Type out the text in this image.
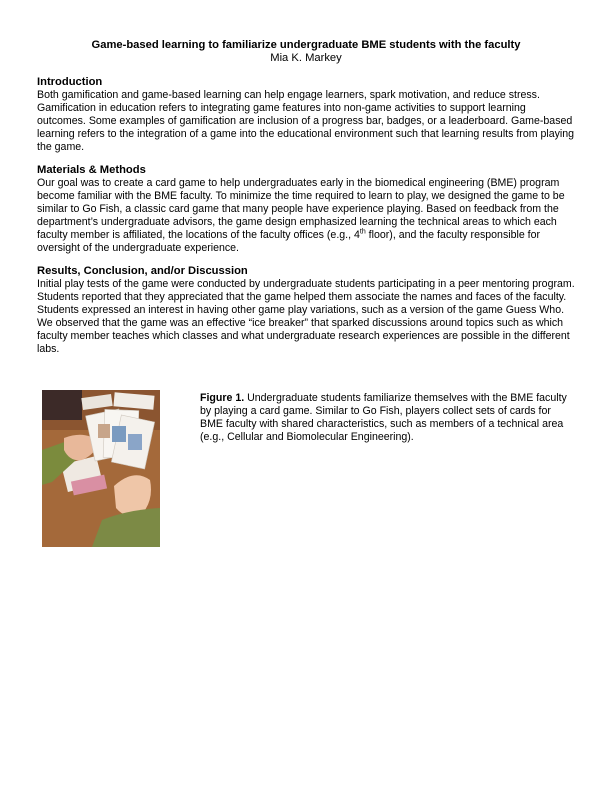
Game-based learning to familiarize undergraduate BME students with the faculty
Mia K. Markey

Introduction

Both gamification and game-based learning can help engage learners, spark motivation, and reduce stress. Gamification in education refers to integrating game features into non-game activities to support learning outcomes. Some examples of gamification are inclusion of a progress bar, badges, or a leaderboard. Game-based learning refers to the integration of a game into the educational environment such that learning results from playing the game.

Materials & Methods

Our goal was to create a card game to help undergraduates early in the biomedical engineering (BME) program become familiar with the BME faculty. To minimize the time required to learn to play, we designed the game to be similar to Go Fish, a classic card game that many people have experience playing. Based on feedback from the department’s undergraduate advisors, the game design emphasized learning the technical areas to which each faculty member is affiliated, the locations of the faculty offices (e.g., 4th floor), and the faculty responsible for oversight of the undergraduate experience.

Results, Conclusion, and/or Discussion

Initial play tests of the game were conducted by undergraduate students participating in a peer mentoring program. Students reported that they appreciated that the game helped them associate the names and faces of the faculty. Students expressed an interest in having other game play variations, such as a version of the game Guess Who. We observed that the game was an effective “ice breaker” that sparked discussions around topics such as which faculty member teaches which classes and what undergraduate research experiences are possible in the different labs.

Figure 1. Undergraduate students familiarize themselves with the BME faculty by playing a card game. Similar to Go Fish, players collect sets of cards for BME faculty with shared characteristics, such as members of a technical area (e.g., Cellular and Biomolecular Engineering).
